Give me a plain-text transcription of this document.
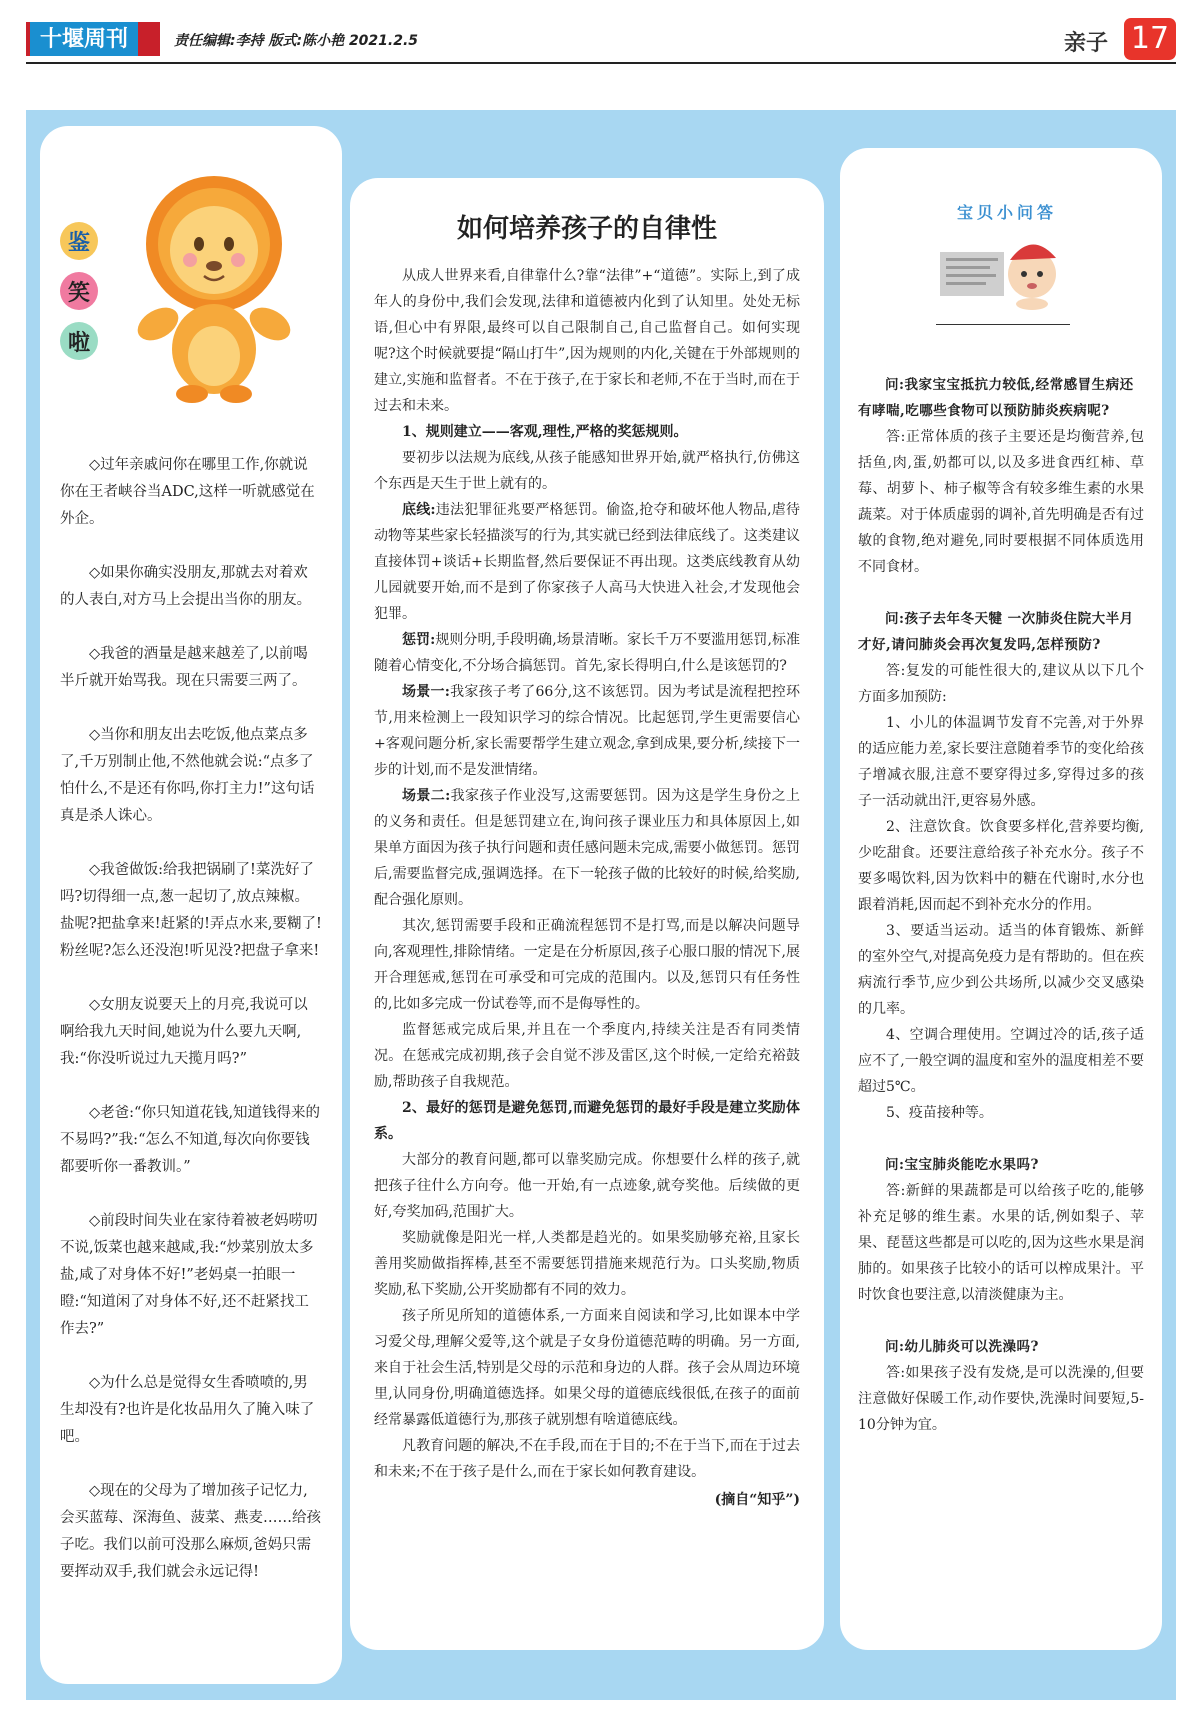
十堰周刊	责任编辑:李持 版式:陈小艳 2021.2.5	亲子 17
鉴
笑
啦

◇过年亲戚问你在哪里工作,你就说你在王者峡谷当ADC,这样一听就感觉在外企。

◇如果你确实没朋友,那就去对着欢的人表白,对方马上会提出当你的朋友。

◇我爸的酒量是越来越差了,以前喝半斤就开始骂我。现在只需要三两了。

◇当你和朋友出去吃饭,他点菜点多了,千万别制止他,不然他就会说:“点多了怕什么,不是还有你吗,你打主力!”这句话真是杀人诛心。

◇我爸做饭:给我把锅刷了!菜洗好了吗?切得细一点,葱一起切了,放点辣椒。盐呢?把盐拿来!赶紧的!弄点水来,要糊了!粉丝呢?怎么还没泡!听见没?把盘子拿来!

◇女朋友说要天上的月亮,我说可以啊给我九天时间,她说为什么要九天啊,我:“你没听说过九天揽月吗?”

◇老爸:“你只知道花钱,知道钱得来的不易吗?”我:“怎么不知道,每次向你要钱都要听你一番教训。”

◇前段时间失业在家待着被老妈唠叨不说,饭菜也越来越咸,我:“炒菜别放太多盐,咸了对身体不好!”老妈桌一拍眼一瞪:“知道闲了对身体不好,还不赶紧找工作去?”

◇为什么总是觉得女生香喷喷的,男生却没有?也许是化妆品用久了腌入味了吧。

◇现在的父母为了增加孩子记忆力,会买蓝莓、深海鱼、菠菜、燕麦……给孩子吃。我们以前可没那么麻烦,爸妈只需要挥动双手,我们就会永远记得!

如何培养孩子的自律性

从成人世界来看,自律靠什么?靠“法律”+“道德”。实际上,到了成年人的身份中,我们会发现,法律和道德被内化到了认知里。处处无标语,但心中有界限,最终可以自己限制自己,自己监督自己。如何实现呢?这个时候就要提“隔山打牛”,因为规则的内化,关键在于外部规则的建立,实施和监督者。不在于孩子,在于家长和老师,不在于当时,而在于过去和未来。

1、规则建立——客观,理性,严格的奖惩规则。

要初步以法规为底线,从孩子能感知世界开始,就严格执行,仿佛这个东西是天生于世上就有的。

底线:违法犯罪征兆要严格惩罚。偷盗,抢夺和破坏他人物品,虐待动物等某些家长轻描淡写的行为,其实就已经到法律底线了。这类建议直接体罚+谈话+长期监督,然后要保证不再出现。这类底线教育从幼儿园就要开始,而不是到了你家孩子人高马大快进入社会,才发现他会犯罪。

惩罚:规则分明,手段明确,场景清晰。家长千万不要滥用惩罚,标准随着心情变化,不分场合搞惩罚。首先,家长得明白,什么是该惩罚的?

场景一:我家孩子考了66分,这不该惩罚。因为考试是流程把控环节,用来检测上一段知识学习的综合情况。比起惩罚,学生更需要信心+客观问题分析,家长需要帮学生建立观念,拿到成果,要分析,续接下一步的计划,而不是发泄情绪。

场景二:我家孩子作业没写,这需要惩罚。因为这是学生身份之上的义务和责任。但是惩罚建立在,询问孩子课业压力和具体原因上,如果单方面因为孩子执行问题和责任感问题未完成,需要小做惩罚。惩罚后,需要监督完成,强调选择。在下一轮孩子做的比较好的时候,给奖励,配合强化原则。

其次,惩罚需要手段和正确流程惩罚不是打骂,而是以解决问题导向,客观理性,排除情绪。一定是在分析原因,孩子心服口服的情况下,展开合理惩戒,惩罚在可承受和可完成的范围内。以及,惩罚只有任务性的,比如多完成一份试卷等,而不是侮辱性的。

监督惩戒完成后果,并且在一个季度内,持续关注是否有同类情况。在惩戒完成初期,孩子会自觉不涉及雷区,这个时候,一定给充裕鼓励,帮助孩子自我规范。

2、最好的惩罚是避免惩罚,而避免惩罚的最好手段是建立奖励体系。

大部分的教育问题,都可以靠奖励完成。你想要什么样的孩子,就把孩子往什么方向夸。他一开始,有一点迹象,就夸奖他。后续做的更好,夸奖加码,范围扩大。

奖励就像是阳光一样,人类都是趋光的。如果奖励够充裕,且家长善用奖励做指挥棒,甚至不需要惩罚措施来规范行为。口头奖励,物质奖励,私下奖励,公开奖励都有不同的效力。

孩子所见所知的道德体系,一方面来自阅读和学习,比如课本中学习爱父母,理解父爱等,这个就是子女身份道德范畴的明确。另一方面,来自于社会生活,特别是父母的示范和身边的人群。孩子会从周边环境里,认同身份,明确道德选择。如果父母的道德底线很低,在孩子的面前经常暴露低道德行为,那孩子就别想有啥道德底线。

凡教育问题的解决,不在手段,而在于目的;不在于当下,而在于过去和未来;不在于孩子是什么,而在于家长如何教育建设。

(摘自“知乎”)
宝贝小问答

问:我家宝宝抵抗力较低,经常感冒生病还有哮喘,吃哪些食物可以预防肺炎疾病呢?

答:正常体质的孩子主要还是均衡营养,包括鱼,肉,蛋,奶都可以,以及多进食西红柿、草莓、胡萝卜、柿子椒等含有较多维生素的水果蔬菜。对于体质虚弱的调补,首先明确是否有过敏的食物,绝对避免,同时要根据不同体质选用不同食材。

问:孩子去年冬天犍 一次肺炎住院大半月才好,请问肺炎会再次复发吗,怎样预防?

答:复发的可能性很大的,建议从以下几个方面多加预防:

1、小儿的体温调节发育不完善,对于外界的适应能力差,家长要注意随着季节的变化给孩子增减衣服,注意不要穿得过多,穿得过多的孩子一活动就出汗,更容易外感。

2、注意饮食。饮食要多样化,营养要均衡,少吃甜食。还要注意给孩子补充水分。孩子不要多喝饮料,因为饮料中的糖在代谢时,水分也跟着消耗,因而起不到补充水分的作用。

3、要适当运动。适当的体育锻炼、新鲜的室外空气,对提高免疫力是有帮助的。但在疾病流行季节,应少到公共场所,以减少交叉感染的几率。

4、空调合理使用。空调过冷的话,孩子适应不了,一般空调的温度和室外的温度相差不要超过5℃。

5、疫苗接种等。

问:宝宝肺炎能吃水果吗?

答:新鲜的果蔬都是可以给孩子吃的,能够补充足够的维生素。水果的话,例如梨子、苹果、琵琶这些都是可以吃的,因为这些水果是润肺的。如果孩子比较小的话可以榨成果汁。平时饮食也要注意,以清淡健康为主。

问:幼儿肺炎可以洗澡吗?

答:如果孩子没有发烧,是可以洗澡的,但要注意做好保暖工作,动作要快,洗澡时间要短,5-10分钟为宜。
